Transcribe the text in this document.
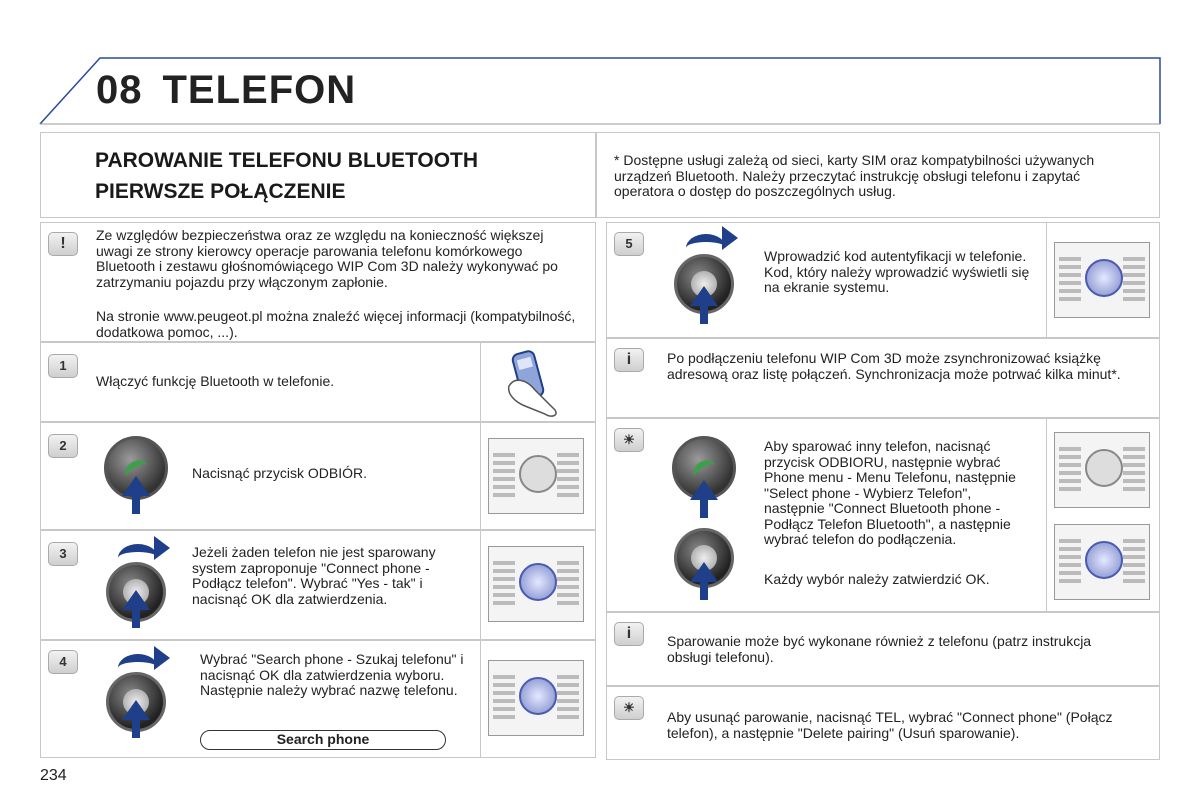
08 TELEFON
PAROWANIE TELEFONU BLUETOOTH
PIERWSZE POŁĄCZENIE
* Dostępne usługi zależą od sieci, karty SIM oraz kompatybilności używanych urządzeń Bluetooth. Należy przeczytać instrukcję obsługi telefonu i zapytać operatora o dostęp do poszczególnych usług.
!	Ze względów bezpieczeństwa oraz ze względu na konieczność większej uwagi ze strony kierowcy operacje parowania telefonu komórkowego Bluetooth i zestawu głośnomówiącego WIP Com 3D należy wykonywać po zatrzymaniu pojazdu przy włączonym zapłonie.
Na stronie www.peugeot.pl można znaleźć więcej informacji (kompatybilność, dodatkowa pomoc, ...).
1
Włączyć funkcję Bluetooth w telefonie.
2
Nacisnąć przycisk ODBIÓR.
3	Jeżeli żaden telefon nie jest sparowany system zaproponuje "Connect phone - Podłącz telefon". Wybrać "Yes - tak" i nacisnąć OK dla zatwierdzenia.
4	Wybrać "Search phone - Szukaj telefonu" i nacisnąć OK dla zatwierdzenia wyboru. Następnie należy wybrać nazwę telefonu.
Search phone
234
5
Wprowadzić kod autentyfikacji w telefonie. Kod, który należy wprowadzić wyświetli się na ekranie systemu.
i	Po podłączeniu telefonu WIP Com 3D może zsynchronizować książkę adresową oraz listę połączeń. Synchronizacja może potrwać kilka minut*.
☀	Aby sparować inny telefon, nacisnąć przycisk ODBIORU, następnie wybrać Phone menu - Menu Telefonu, następnie "Select phone - Wybierz Telefon", następnie "Connect Bluetooth phone - Podłącz Telefon Bluetooth", a następnie wybrać telefon do podłączenia.
Każdy wybór należy zatwierdzić OK.
i	Sparowanie może być wykonane również z telefonu (patrz instrukcja obsługi telefonu).
☀
Aby usunąć parowanie, nacisnąć TEL, wybrać "Connect phone" (Połącz telefon), a następnie "Delete pairing" (Usuń sparowanie).
